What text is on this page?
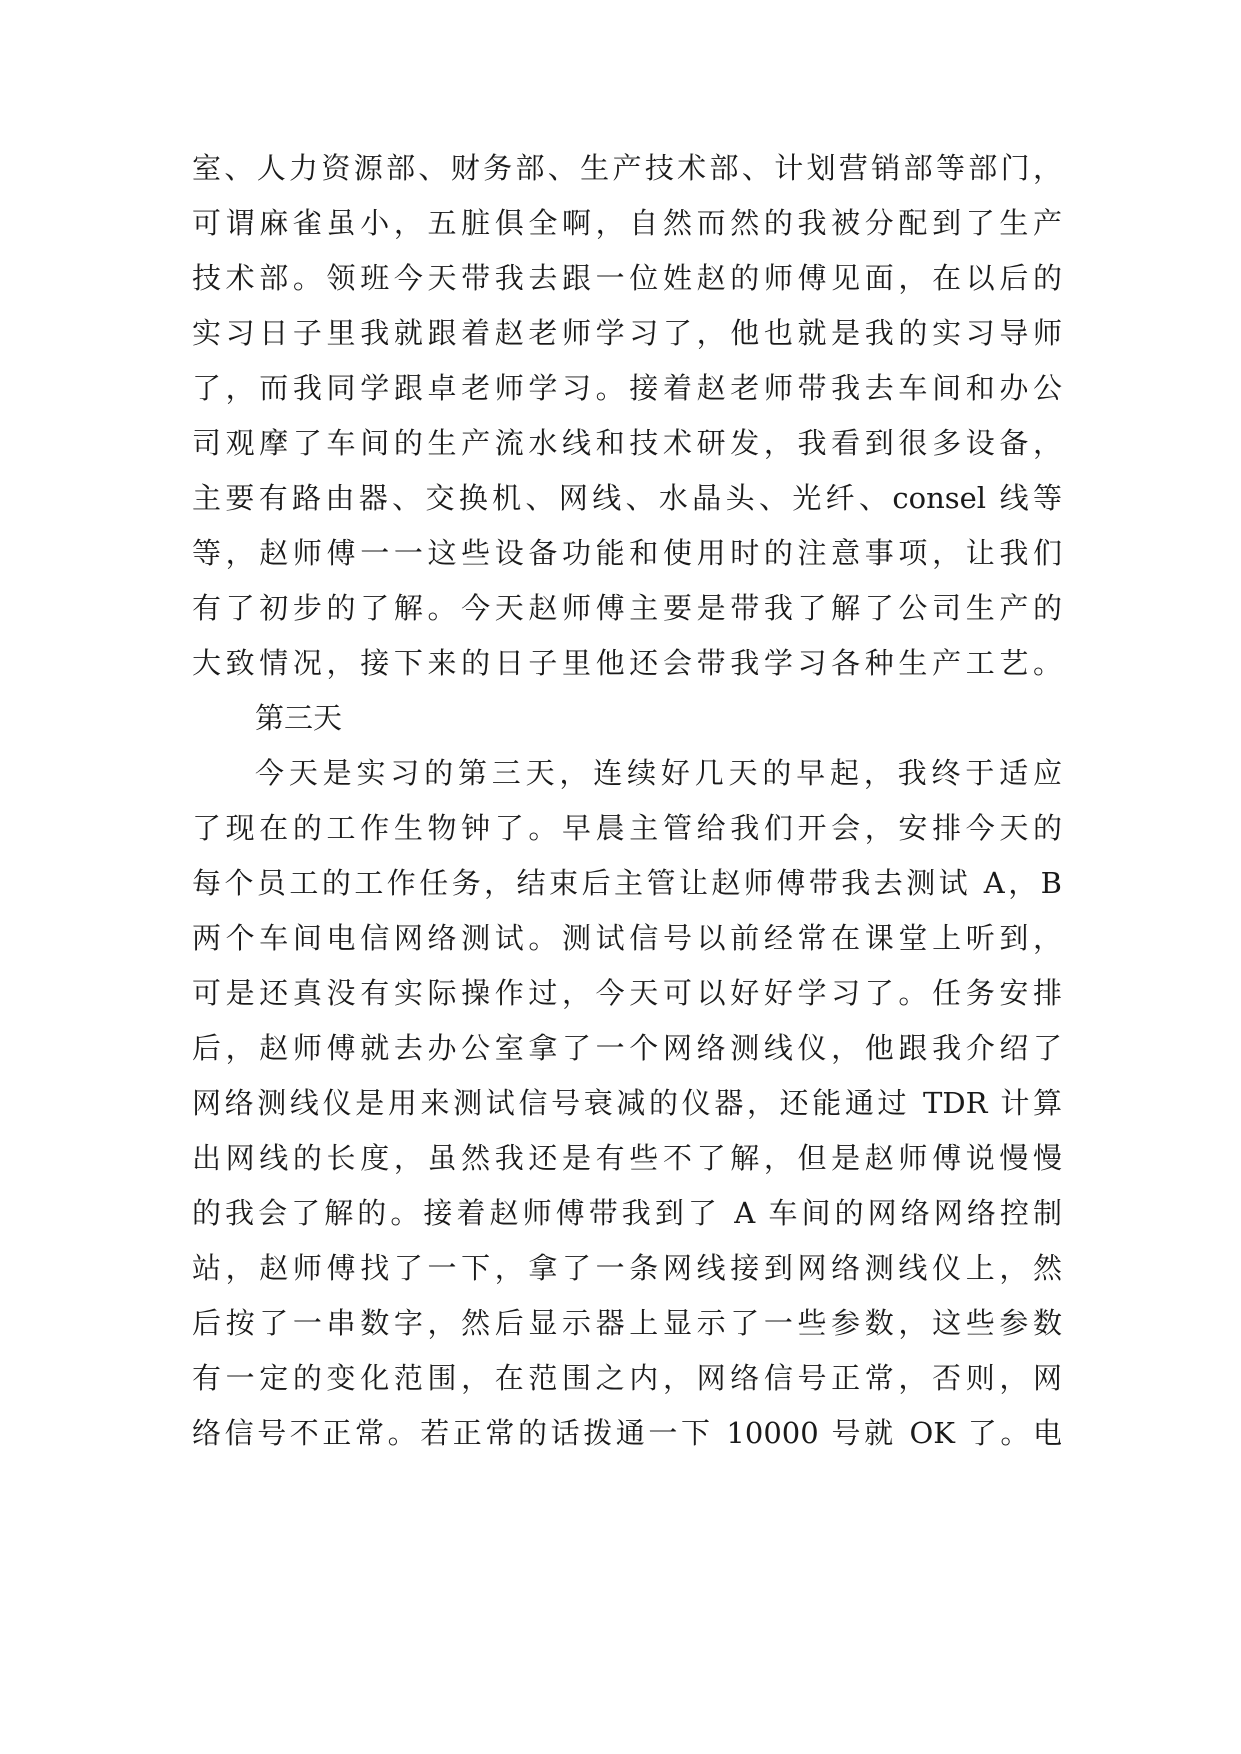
室、人力资源部、财务部、生产技术部、计划营销部等部门，
可谓麻雀虽小，五脏俱全啊，自然而然的我被分配到了生产
技术部。领班今天带我去跟一位姓赵的师傅见面，在以后的
实习日子里我就跟着赵老师学习了，他也就是我的实习导师
了，而我同学跟卓老师学习。接着赵老师带我去车间和办公
司观摩了车间的生产流水线和技术研发，我看到很多设备，
主要有路由器、交换机、网线、水晶头、光纤、consel 线等
等，赵师傅一一这些设备功能和使用时的注意事项，让我们
有了初步的了解。今天赵师傅主要是带我了解了公司生产的
大致情况，接下来的日子里他还会带我学习各种生产工艺。
第三天
今天是实习的第三天，连续好几天的早起，我终于适应
了现在的工作生物钟了。早晨主管给我们开会，安排今天的
每个员工的工作任务，结束后主管让赵师傅带我去测试 A，B
两个车间电信网络测试。测试信号以前经常在课堂上听到，
可是还真没有实际操作过，今天可以好好学习了。任务安排
后，赵师傅就去办公室拿了一个网络测线仪，他跟我介绍了
网络测线仪是用来测试信号衰减的仪器，还能通过 TDR 计算
出网线的长度，虽然我还是有些不了解，但是赵师傅说慢慢
的我会了解的。接着赵师傅带我到了 A 车间的网络网络控制
站，赵师傅找了一下，拿了一条网线接到网络测线仪上，然
后按了一串数字，然后显示器上显示了一些参数，这些参数
有一定的变化范围，在范围之内，网络信号正常，否则，网
络信号不正常。若正常的话拨通一下 10000 号就 OK 了。电
